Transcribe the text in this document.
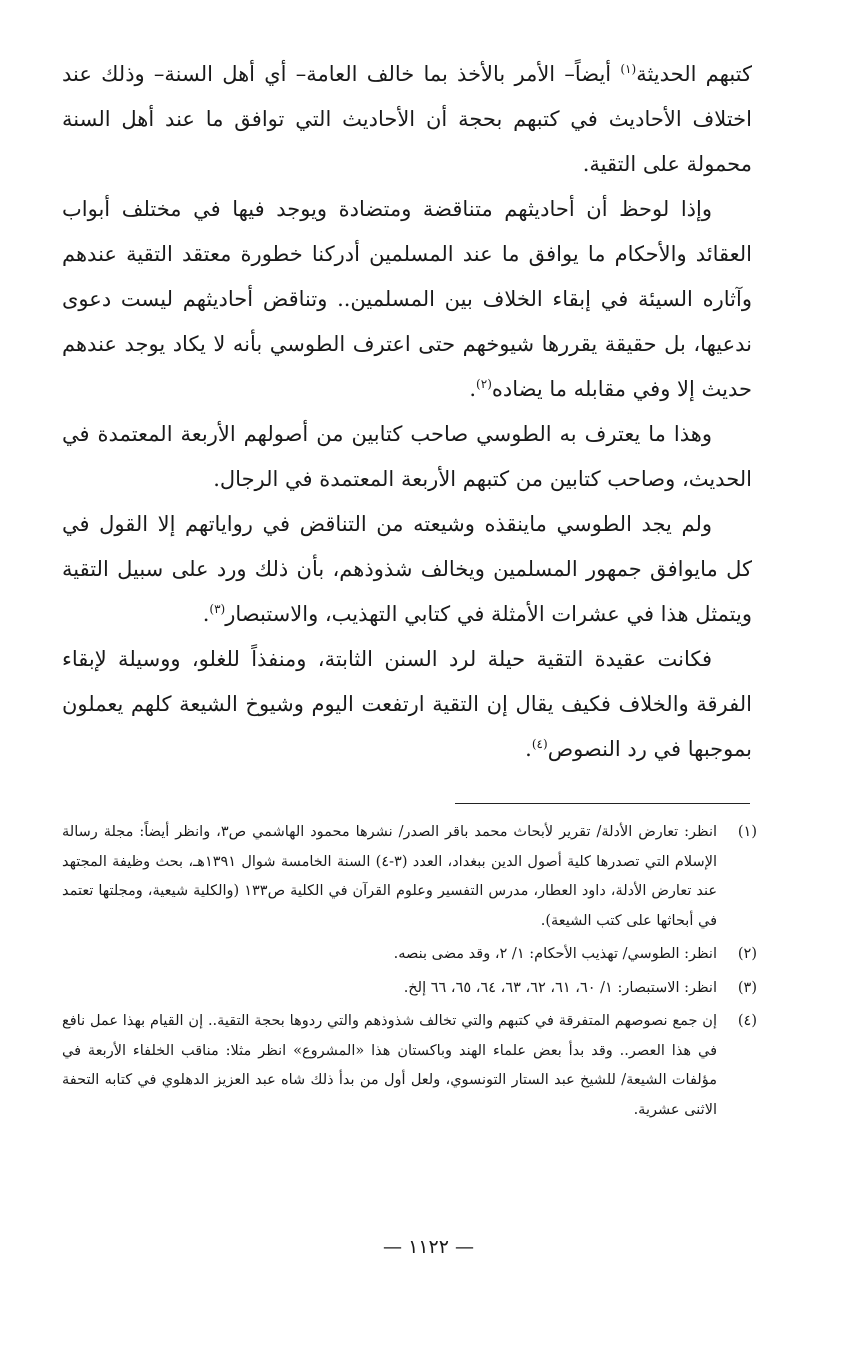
كتبهم الحديثة$^{(١)}$ أيضاً– الأمر بالأخذ بما خالف العامة– أي أهل السنة– وذلك عند اختلاف الأحاديث في كتبهم بحجة أن الأحاديث التي توافق ما عند أهل السنة محمولة على التقية.

وإذا لوحظ أن أحاديثهم متناقضة ومتضادة ويوجد فيها في مختلف أبواب العقائد والأحكام ما يوافق ما عند المسلمين أدركنا خطورة معتقد التقية عندهم وآثاره السيئة في إبقاء الخلاف بين المسلمين.. وتناقض أحاديثهم ليست دعوى ندعيها، بل حقيقة يقررها شيوخهم حتى اعترف الطوسي بأنه لا يكاد يوجد عندهم حديث إلا وفي مقابله ما يضاده$^{(٢)}$.

وهذا ما يعترف به الطوسي صاحب كتابين من أصولهم الأربعة المعتمدة في الحديث، وصاحب كتابين من كتبهم الأربعة المعتمدة في الرجال.

ولم يجد الطوسي ماينقذه وشيعته من التناقض في رواياتهم إلا القول في كل مايوافق جمهور المسلمين ويخالف شذوذهم، بأن ذلك ورد على سبيل التقية ويتمثل هذا في عشرات الأمثلة في كتابي التهذيب، والاستبصار$^{(٣)}$.

فكانت عقيدة التقية حيلة لرد السنن الثابتة، ومنفذاً للغلو، ووسيلة لإبقاء الفرقة والخلاف فكيف يقال إن التقية ارتفعت اليوم وشيوخ الشيعة كلهم يعملون بموجبها في رد النصوص$^{(٤)}$.

(١)
انظر: تعارض الأدلة/ تقرير لأبحاث محمد باقر الصدر/ نشرها محمود الهاشمي ص٣، وانظر أيضاً: مجلة رسالة الإسلام التي تصدرها كلية أصول الدين ببغداد، العدد (٣-٤) السنة الخامسة شوال ١٣٩١هـ، بحث وظيفة المجتهد عند تعارض الأدلة، داود العطار، مدرس التفسير وعلوم القرآن في الكلية ص١٣٣ (والكلية شيعية، ومجلتها تعتمد في أبحاثها على كتب الشيعة).
(٢)
انظر: الطوسي/ تهذيب الأحكام: ١/ ٢، وقد مضى بنصه.
(٣)
انظر: الاستبصار: ١/ ٦٠، ٦١، ٦٢، ٦٣، ٦٤، ٦٥، ٦٦ إلخ.
(٤)
إن جمع نصوصهم المتفرقة في كتبهم والتي تخالف شذوذهم والتي ردوها بحجة التقية.. إن القيام بهذا عمل نافع في هذا العصر.. وقد بدأ بعض علماء الهند وباكستان هذا «المشروع» انظر مثلا: مناقب الخلفاء الأربعة في مؤلفات الشيعة/ للشيخ عبد الستار التونسوي، ولعل أول من بدأ ذلك شاه عبد العزيز الدهلوي في كتابه التحفة الاثنى عشرية.
— ١١٢٢ —
